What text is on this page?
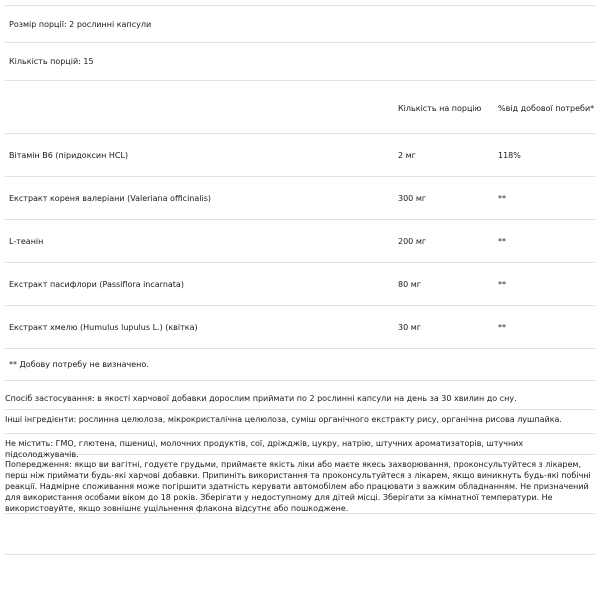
Розмір порції: 2 рослинні капсули		
Кількість порцій: 15		
	Кількість на порцію	%від добової потреби*
Вітамін В6 (піридоксин HCL)	2 мг	118%
Екстракт кореня валеріани (Valeriana officinalis)	300 мг	**
L-теанін	200 мг	**
Екстракт пасифлори (Passiflora incarnata)	80 мг	**
Екстракт хмелю (Humulus lupulus L.) (квітка)	30 мг	**
** Добову потребу не визначено.
Спосіб застосування: в якості харчової добавки дорослим приймати по 2 рослинні капсули на день за 30 хвилин до сну.
Інші інгредієнти: рослинна целюлоза, мікрокристалічна целюлоза, суміш органічного екстракту рису, органічна рисова лушпайка.
Не містить: ГМО, глютена, пшениці, молочних продуктів, сої, дріжджів, цукру, натрію, штучних ароматизаторів, штучних підсолоджувачів.
Попередження: якщо ви вагітні, годуєте грудьми, приймаєте якість ліки або маєте якесь захворювання, проконсультуйтеся з лікарем, перш ніж приймати будь-які харчові добавки. Припиніть використання та проконсультуйтеся з лікарем, якщо виникнуть будь-які побічні реакції. Надмірне споживання може погіршити здатність керувати автомобілем або працювати з важким обладнанням. Не призначений для використання особами віком до 18 років. Зберігати у недоступному для дітей місці. Зберігати за кімнатної температури. Не використовуйте, якщо зовнішнє ущільнення флакона відсутнє або пошкоджене.
